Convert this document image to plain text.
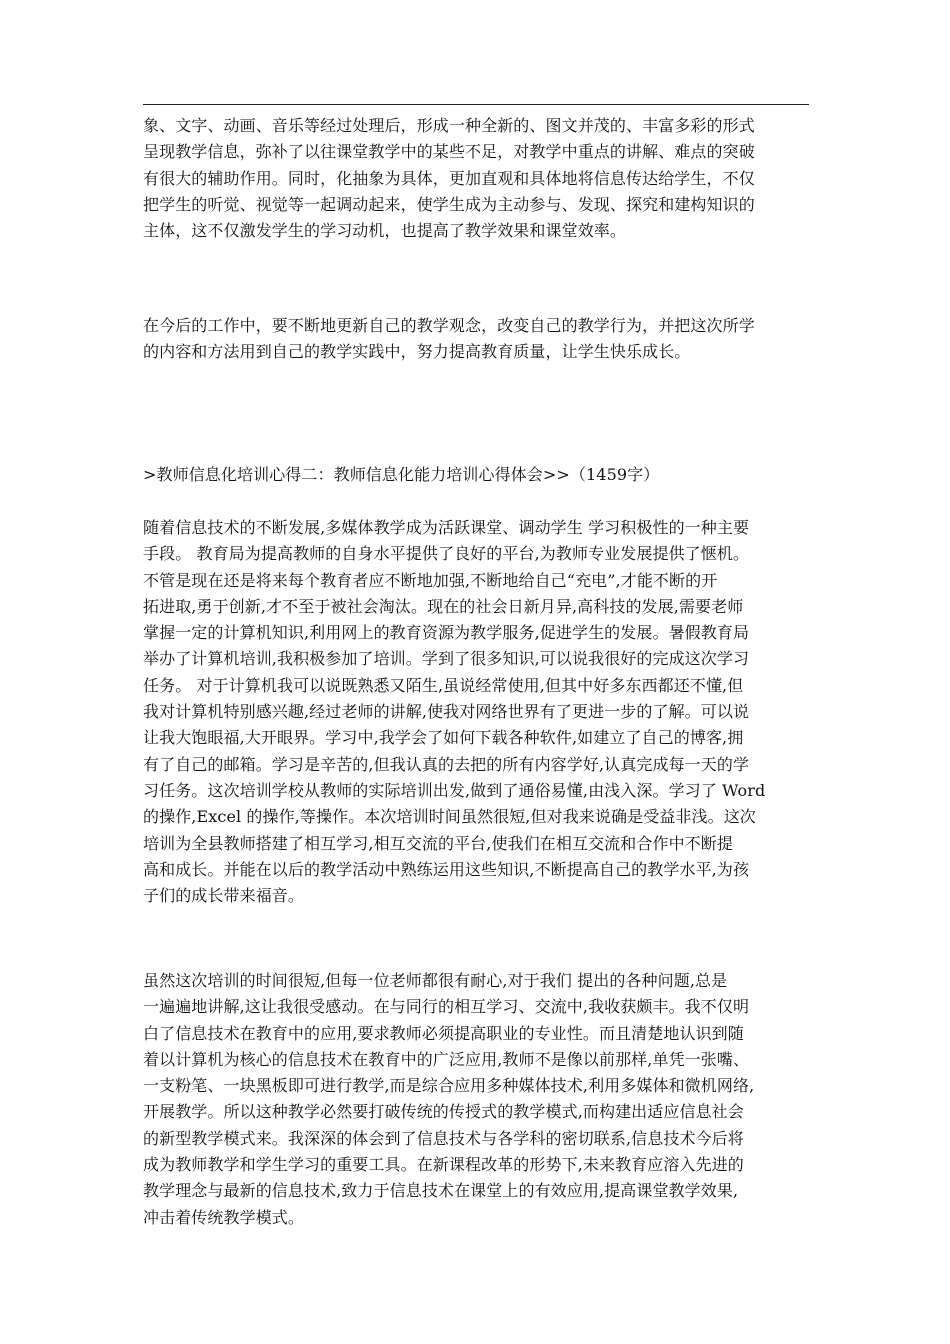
象、文字、动画、音乐等经过处理后，形成一种全新的、图文并茂的、丰富多彩的形式
呈现教学信息，弥补了以往课堂教学中的某些不足，对教学中重点的讲解、难点的突破
有很大的辅助作用。同时，化抽象为具体，更加直观和具体地将信息传达给学生，不仅
把学生的听觉、视觉等一起调动起来，使学生成为主动参与、发现、探究和建构知识的
主体，这不仅激发学生的学习动机，也提高了教学效果和课堂效率。
在今后的工作中，要不断地更新自己的教学观念，改变自己的教学行为，并把这次所学
的内容和方法用到自己的教学实践中，努力提高教育质量，让学生快乐成长。
>教师信息化培训心得二：教师信息化能力培训心得体会>>（1459字）
随着信息技术的不断发展,多媒体教学成为活跃课堂、调动学生 学习积极性的一种主要
手段。 教育局为提高教师的自身水平提供了良好的平台,为教师专业发展提供了惬机。
不管是现在还是将来每个教育者应不断地加强,不断地给自己“充电”,才能不断的开
拓进取,勇于创新,才不至于被社会淘汰。现在的社会日新月异,高科技的发展,需要老师
掌握一定的计算机知识,利用网上的教育资源为教学服务,促进学生的发展。暑假教育局
举办了计算机培训,我积极参加了培训。学到了很多知识,可以说我很好的完成这次学习
任务。 对于计算机我可以说既熟悉又陌生,虽说经常使用,但其中好多东西都还不懂,但
我对计算机特别感兴趣,经过老师的讲解,使我对网络世界有了更进一步的了解。可以说
让我大饱眼福,大开眼界。学习中,我学会了如何下载各种软件,如建立了自己的博客,拥
有了自己的邮箱。学习是辛苦的,但我认真的去把的所有内容学好,认真完成每一天的学
习任务。这次培训学校从教师的实际培训出发,做到了通俗易懂,由浅入深。学习了 Word
的操作,Excel 的操作,等操作。本次培训时间虽然很短,但对我来说确是受益非浅。这次
培训为全县教师搭建了相互学习,相互交流的平台,使我们在相互交流和合作中不断提
高和成长。并能在以后的教学活动中熟练运用这些知识,不断提高自己的教学水平,为孩
子们的成长带来福音。
虽然这次培训的时间很短,但每一位老师都很有耐心,对于我们 提出的各种问题,总是
一遍遍地讲解,这让我很受感动。在与同行的相互学习、交流中,我收获颇丰。我不仅明
白了信息技术在教育中的应用,要求教师必须提高职业的专业性。而且清楚地认识到随
着以计算机为核心的信息技术在教育中的广泛应用,教师不是像以前那样,单凭一张嘴、
一支粉笔、一块黑板即可进行教学,而是综合应用多种媒体技术,利用多媒体和微机网络,
开展教学。所以这种教学必然要打破传统的传授式的教学模式,而构建出适应信息社会
的新型教学模式来。我深深的体会到了信息技术与各学科的密切联系,信息技术今后将
成为教师教学和学生学习的重要工具。在新课程改革的形势下,未来教育应溶入先进的
教学理念与最新的信息技术,致力于信息技术在课堂上的有效应用,提高课堂教学效果,
冲击着传统教学模式。
